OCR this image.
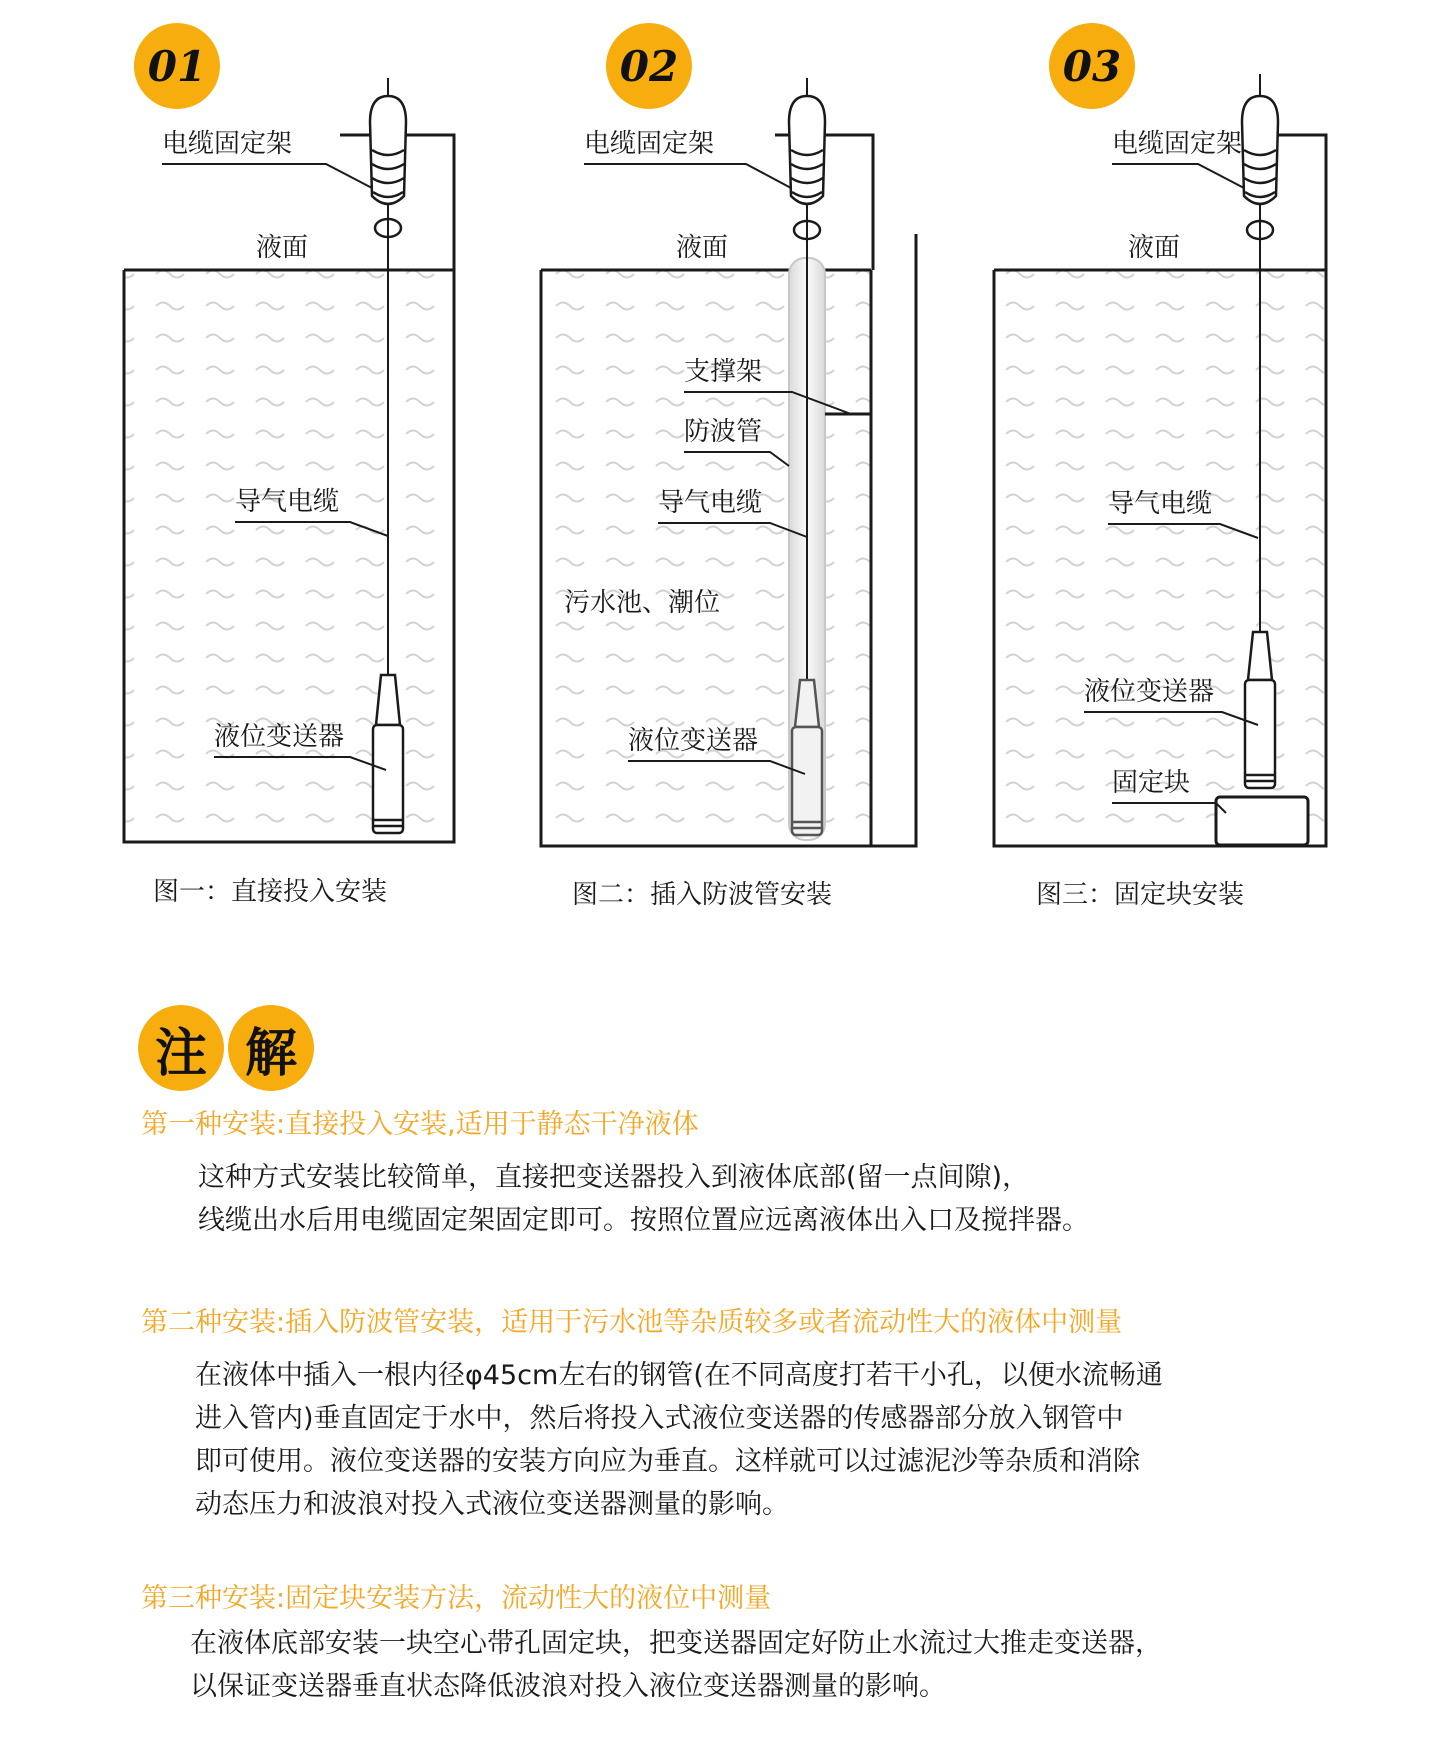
01
液面
电缆固定架
导气电缆
液位变送器
图一：直接投入安装
02
液面
支撑架
防波管
导气电缆
污水池、潮位
液位变送器
电缆固定架
图二：插入防波管安装
03
液面
电缆固定架
导气电缆
液位变送器
固定块
图三：固定块安装
注 解
第一种安装:直接投入安装,适用于静态干净液体
这种方式安装比较简单，直接把变送器投入到液体底部(留一点间隙)，
线缆出水后用电缆固定架固定即可。按照位置应远离液体出入口及搅拌器。
第二种安装:插入防波管安装，适用于污水池等杂质较多或者流动性大的液体中测量
在液体中插入一根内径φ45cm左右的钢管(在不同高度打若干小孔，以便水流畅通
进入管内)垂直固定于水中，然后将投入式液位变送器的传感器部分放入钢管中
即可使用。液位变送器的安装方向应为垂直。这样就可以过滤泥沙等杂质和消除
动态压力和波浪对投入式液位变送器测量的影响。
第三种安装:固定块安装方法，流动性大的液位中测量
在液体底部安装一块空心带孔固定块，把变送器固定好防止水流过大推走变送器，
以保证变送器垂直状态降低波浪对投入液位变送器测量的影响。
